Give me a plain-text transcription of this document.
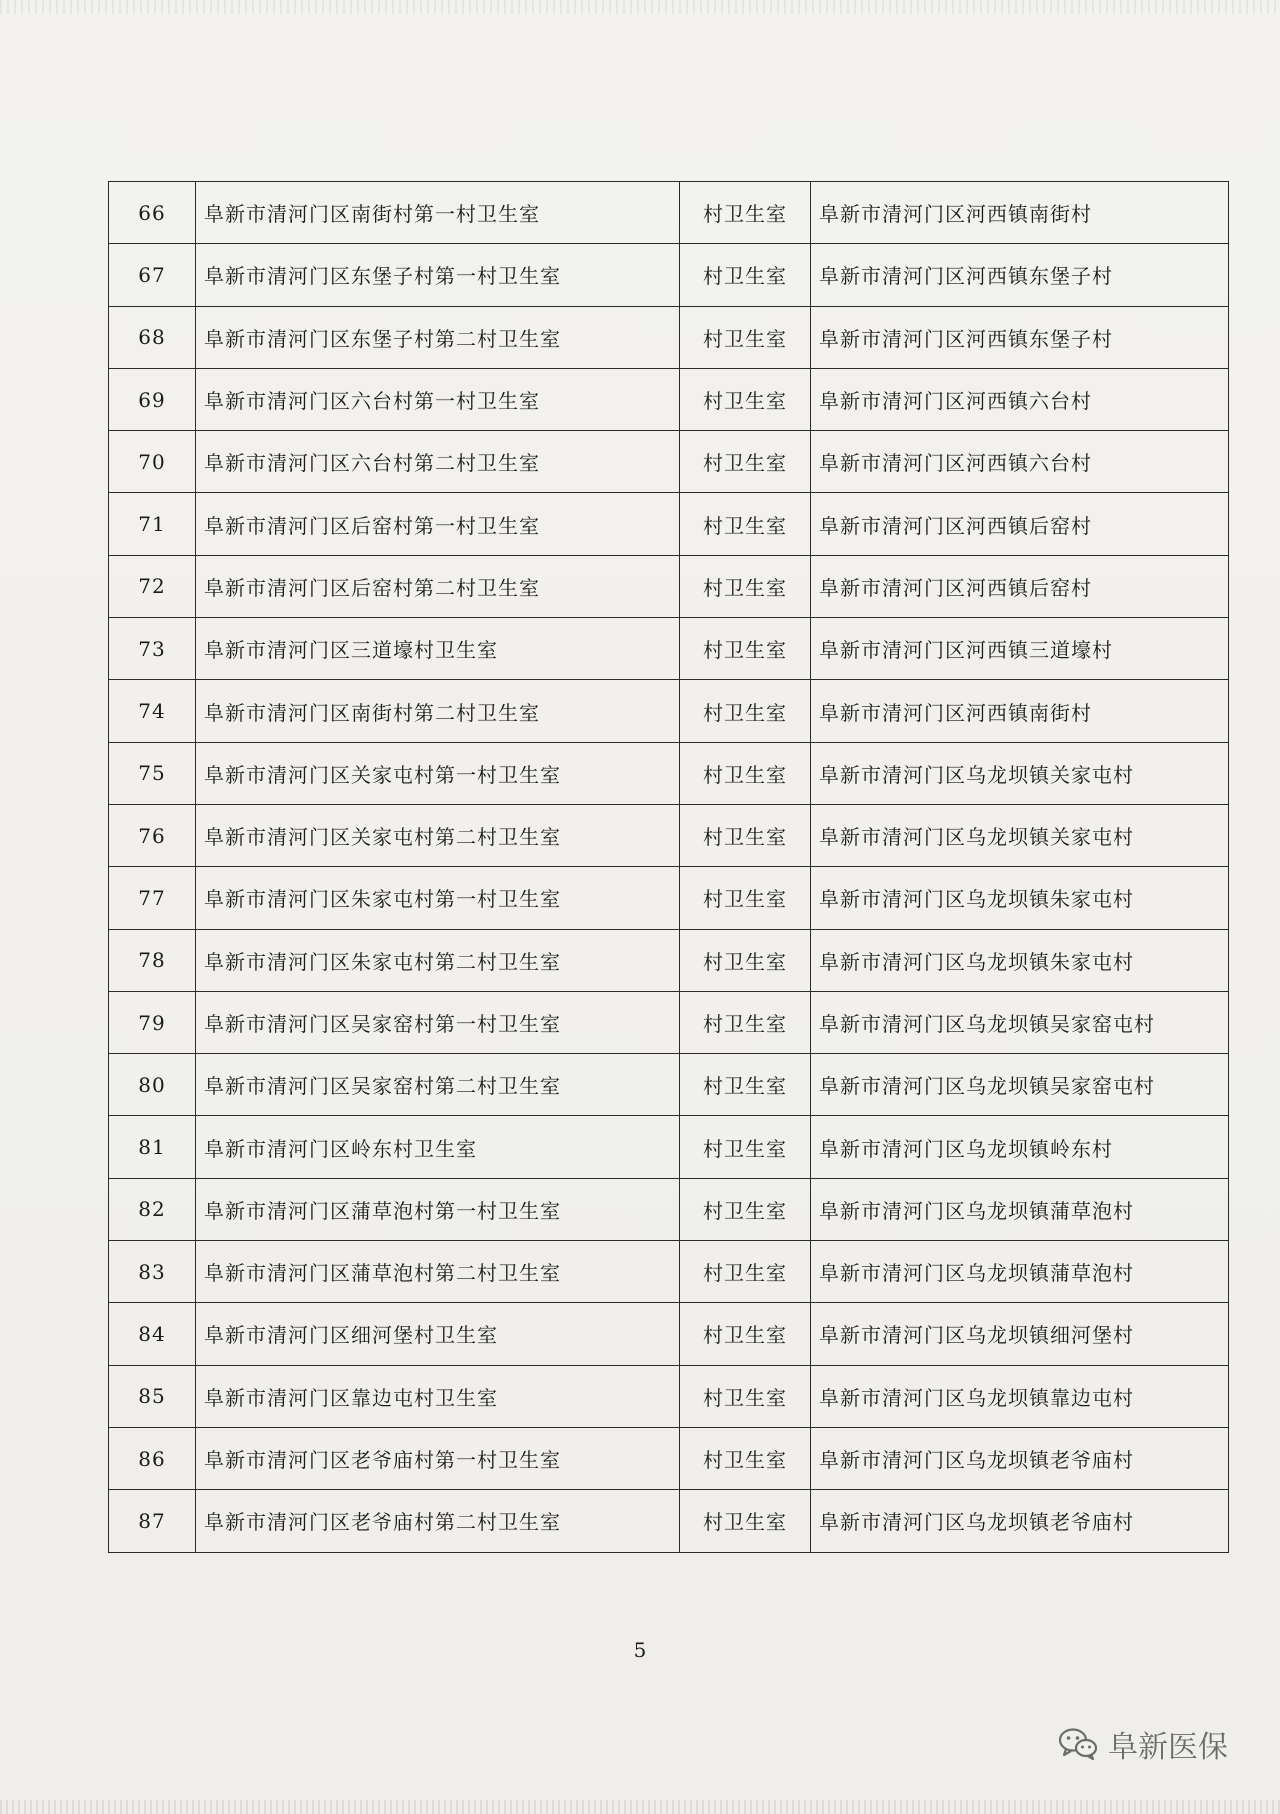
66	阜新市清河门区南街村第一村卫生室	村卫生室	阜新市清河门区河西镇南街村
67	阜新市清河门区东堡子村第一村卫生室	村卫生室	阜新市清河门区河西镇东堡子村
68	阜新市清河门区东堡子村第二村卫生室	村卫生室	阜新市清河门区河西镇东堡子村
69	阜新市清河门区六台村第一村卫生室	村卫生室	阜新市清河门区河西镇六台村
70	阜新市清河门区六台村第二村卫生室	村卫生室	阜新市清河门区河西镇六台村
71	阜新市清河门区后窑村第一村卫生室	村卫生室	阜新市清河门区河西镇后窑村
72	阜新市清河门区后窑村第二村卫生室	村卫生室	阜新市清河门区河西镇后窑村
73	阜新市清河门区三道壕村卫生室	村卫生室	阜新市清河门区河西镇三道壕村
74	阜新市清河门区南街村第二村卫生室	村卫生室	阜新市清河门区河西镇南街村
75	阜新市清河门区关家屯村第一村卫生室	村卫生室	阜新市清河门区乌龙坝镇关家屯村
76	阜新市清河门区关家屯村第二村卫生室	村卫生室	阜新市清河门区乌龙坝镇关家屯村
77	阜新市清河门区朱家屯村第一村卫生室	村卫生室	阜新市清河门区乌龙坝镇朱家屯村
78	阜新市清河门区朱家屯村第二村卫生室	村卫生室	阜新市清河门区乌龙坝镇朱家屯村
79	阜新市清河门区吴家窑村第一村卫生室	村卫生室	阜新市清河门区乌龙坝镇吴家窑屯村
80	阜新市清河门区吴家窑村第二村卫生室	村卫生室	阜新市清河门区乌龙坝镇吴家窑屯村
81	阜新市清河门区岭东村卫生室	村卫生室	阜新市清河门区乌龙坝镇岭东村
82	阜新市清河门区蒲草泡村第一村卫生室	村卫生室	阜新市清河门区乌龙坝镇蒲草泡村
83	阜新市清河门区蒲草泡村第二村卫生室	村卫生室	阜新市清河门区乌龙坝镇蒲草泡村
84	阜新市清河门区细河堡村卫生室	村卫生室	阜新市清河门区乌龙坝镇细河堡村
85	阜新市清河门区靠边屯村卫生室	村卫生室	阜新市清河门区乌龙坝镇靠边屯村
86	阜新市清河门区老爷庙村第一村卫生室	村卫生室	阜新市清河门区乌龙坝镇老爷庙村
87	阜新市清河门区老爷庙村第二村卫生室	村卫生室	阜新市清河门区乌龙坝镇老爷庙村
5
阜新医保
